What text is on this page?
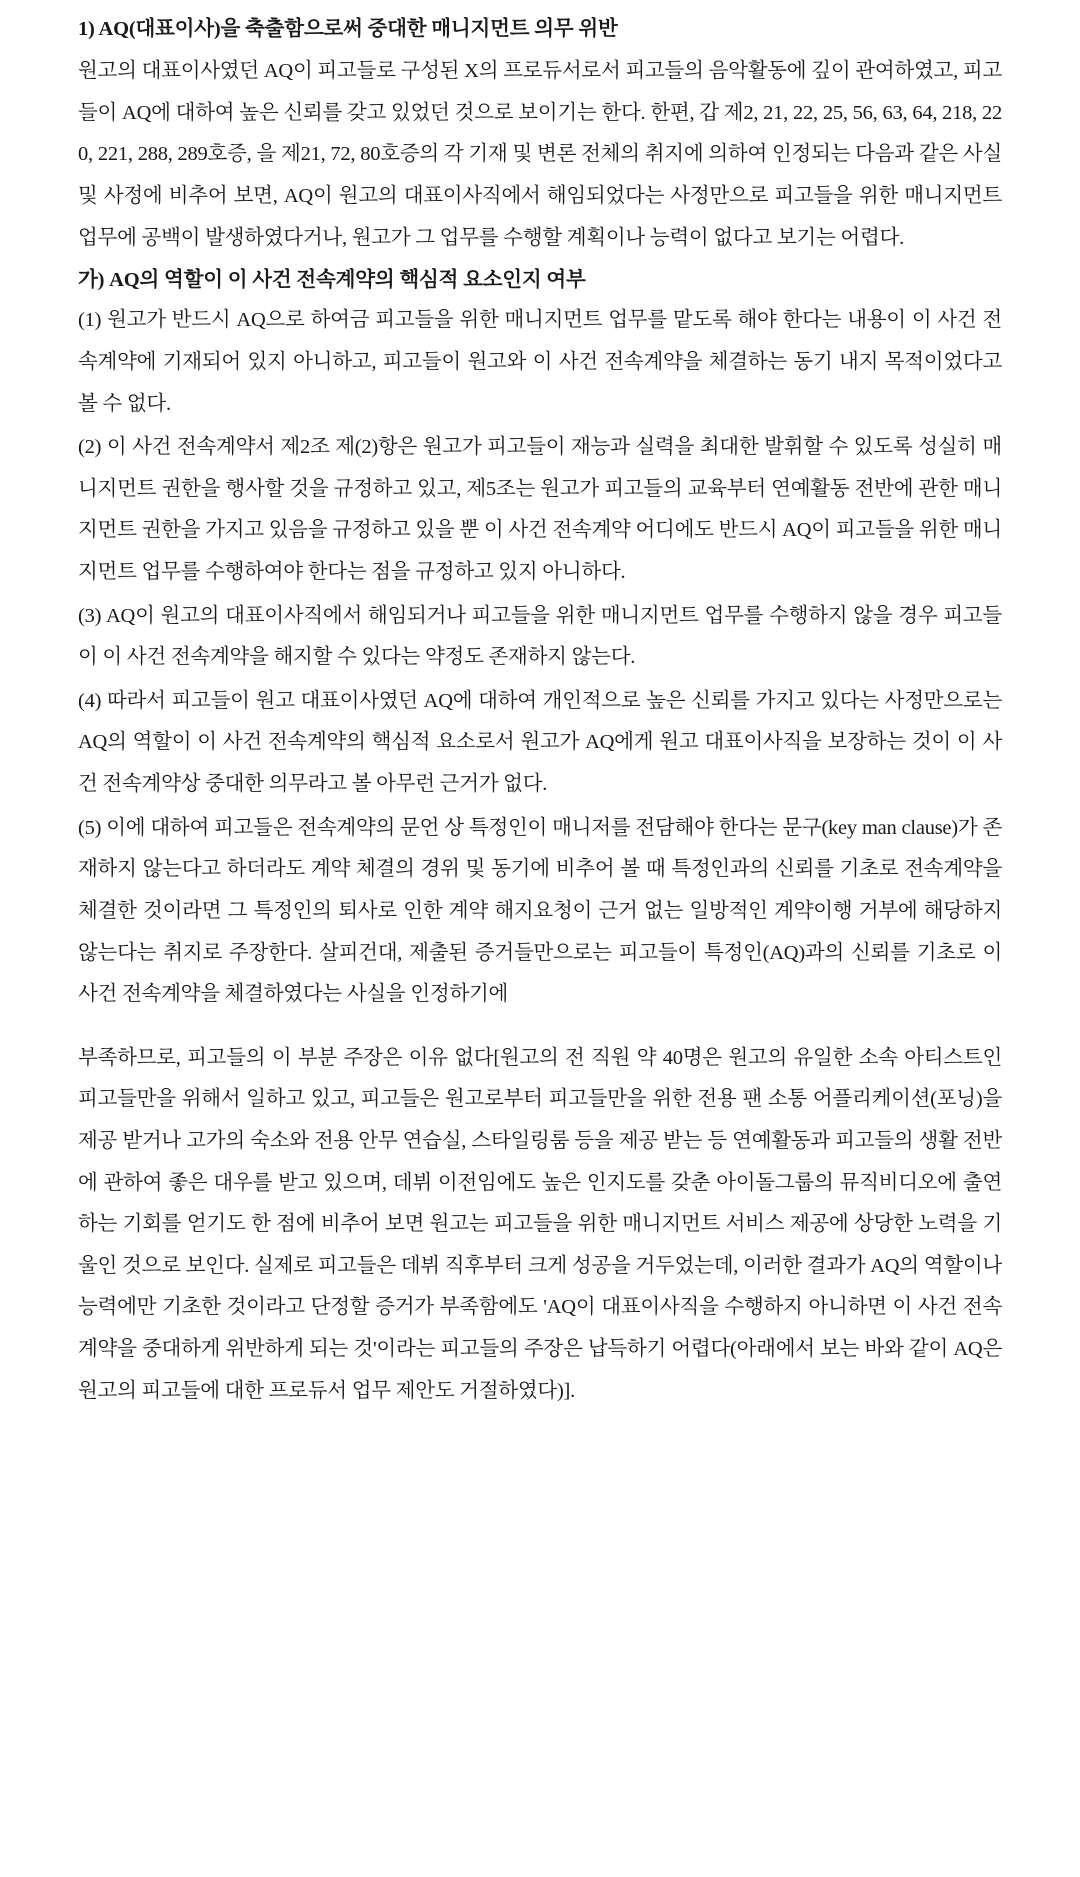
1) AQ(대표이사)을 축출함으로써 중대한 매니지먼트 의무 위반

원고의 대표이사였던 AQ이 피고들로 구성된 X의 프로듀서로서 피고들의 음악활동에 깊이 관여하였고, 피고들이 AQ에 대하여 높은 신뢰를 갖고 있었던 것으로 보이기는 한다. 한편, 갑 제2, 21, 22, 25, 56, 63, 64, 218, 220, 221, 288, 289호증, 을 제21, 72, 80호증의 각 기재 및 변론 전체의 취지에 의하여 인정되는 다음과 같은 사실 및 사정에 비추어 보면, AQ이 원고의 대표이사직에서 해임되었다는 사정만으로 피고들을 위한 매니지먼트 업무에 공백이 발생하였다거나, 원고가 그 업무를 수행할 계획이나 능력이 없다고 보기는 어렵다.

가) AQ의 역할이 이 사건 전속계약의 핵심적 요소인지 여부

(1) 원고가 반드시 AQ으로 하여금 피고들을 위한 매니지먼트 업무를 맡도록 해야 한다는 내용이 이 사건 전속계약에 기재되어 있지 아니하고, 피고들이 원고와 이 사건 전속계약을 체결하는 동기 내지 목적이었다고 볼 수 없다.

(2) 이 사건 전속계약서 제2조 제(2)항은 원고가 피고들이 재능과 실력을 최대한 발휘할 수 있도록 성실히 매니지먼트 권한을 행사할 것을 규정하고 있고, 제5조는 원고가 피고들의 교육부터 연예활동 전반에 관한 매니지먼트 권한을 가지고 있음을 규정하고 있을 뿐 이 사건 전속계약 어디에도 반드시 AQ이 피고들을 위한 매니지먼트 업무를 수행하여야 한다는 점을 규정하고 있지 아니하다.

(3) AQ이 원고의 대표이사직에서 해임되거나 피고들을 위한 매니지먼트 업무를 수행하지 않을 경우 피고들이 이 사건 전속계약을 해지할 수 있다는 약정도 존재하지 않는다.

(4) 따라서 피고들이 원고 대표이사였던 AQ에 대하여 개인적으로 높은 신뢰를 가지고 있다는 사정만으로는 AQ의 역할이 이 사건 전속계약의 핵심적 요소로서 원고가 AQ에게 원고 대표이사직을 보장하는 것이 이 사건 전속계약상 중대한 의무라고 볼 아무런 근거가 없다.

(5) 이에 대하여 피고들은 전속계약의 문언 상 특정인이 매니저를 전담해야 한다는 문구(key man clause)가 존재하지 않는다고 하더라도 계약 체결의 경위 및 동기에 비추어 볼 때 특정인과의 신뢰를 기초로 전속계약을 체결한 것이라면 그 특정인의 퇴사로 인한 계약 해지요청이 근거 없는 일방적인 계약이행 거부에 해당하지 않는다는 취지로 주장한다. 살피건대, 제출된 증거들만으로는 피고들이 특정인(AQ)과의 신뢰를 기초로 이 사건 전속계약을 체결하였다는 사실을 인정하기에

부족하므로, 피고들의 이 부분 주장은 이유 없다[원고의 전 직원 약 40명은 원고의 유일한 소속 아티스트인 피고들만을 위해서 일하고 있고, 피고들은 원고로부터 피고들만을 위한 전용 팬 소통 어플리케이션(포닝)을 제공 받거나 고가의 숙소와 전용 안무 연습실, 스타일링룸 등을 제공 받는 등 연예활동과 피고들의 생활 전반에 관하여 좋은 대우를 받고 있으며, 데뷔 이전임에도 높은 인지도를 갖춘 아이돌그룹의 뮤직비디오에 출연하는 기회를 얻기도 한 점에 비추어 보면 원고는 피고들을 위한 매니지먼트 서비스 제공에 상당한 노력을 기울인 것으로 보인다. 실제로 피고들은 데뷔 직후부터 크게 성공을 거두었는데, 이러한 결과가 AQ의 역할이나 능력에만 기초한 것이라고 단정할 증거가 부족함에도 'AQ이 대표이사직을 수행하지 아니하면 이 사건 전속계약을 중대하게 위반하게 되는 것'이라는 피고들의 주장은 납득하기 어렵다(아래에서 보는 바와 같이 AQ은 원고의 피고들에 대한 프로듀서 업무 제안도 거절하였다)].
